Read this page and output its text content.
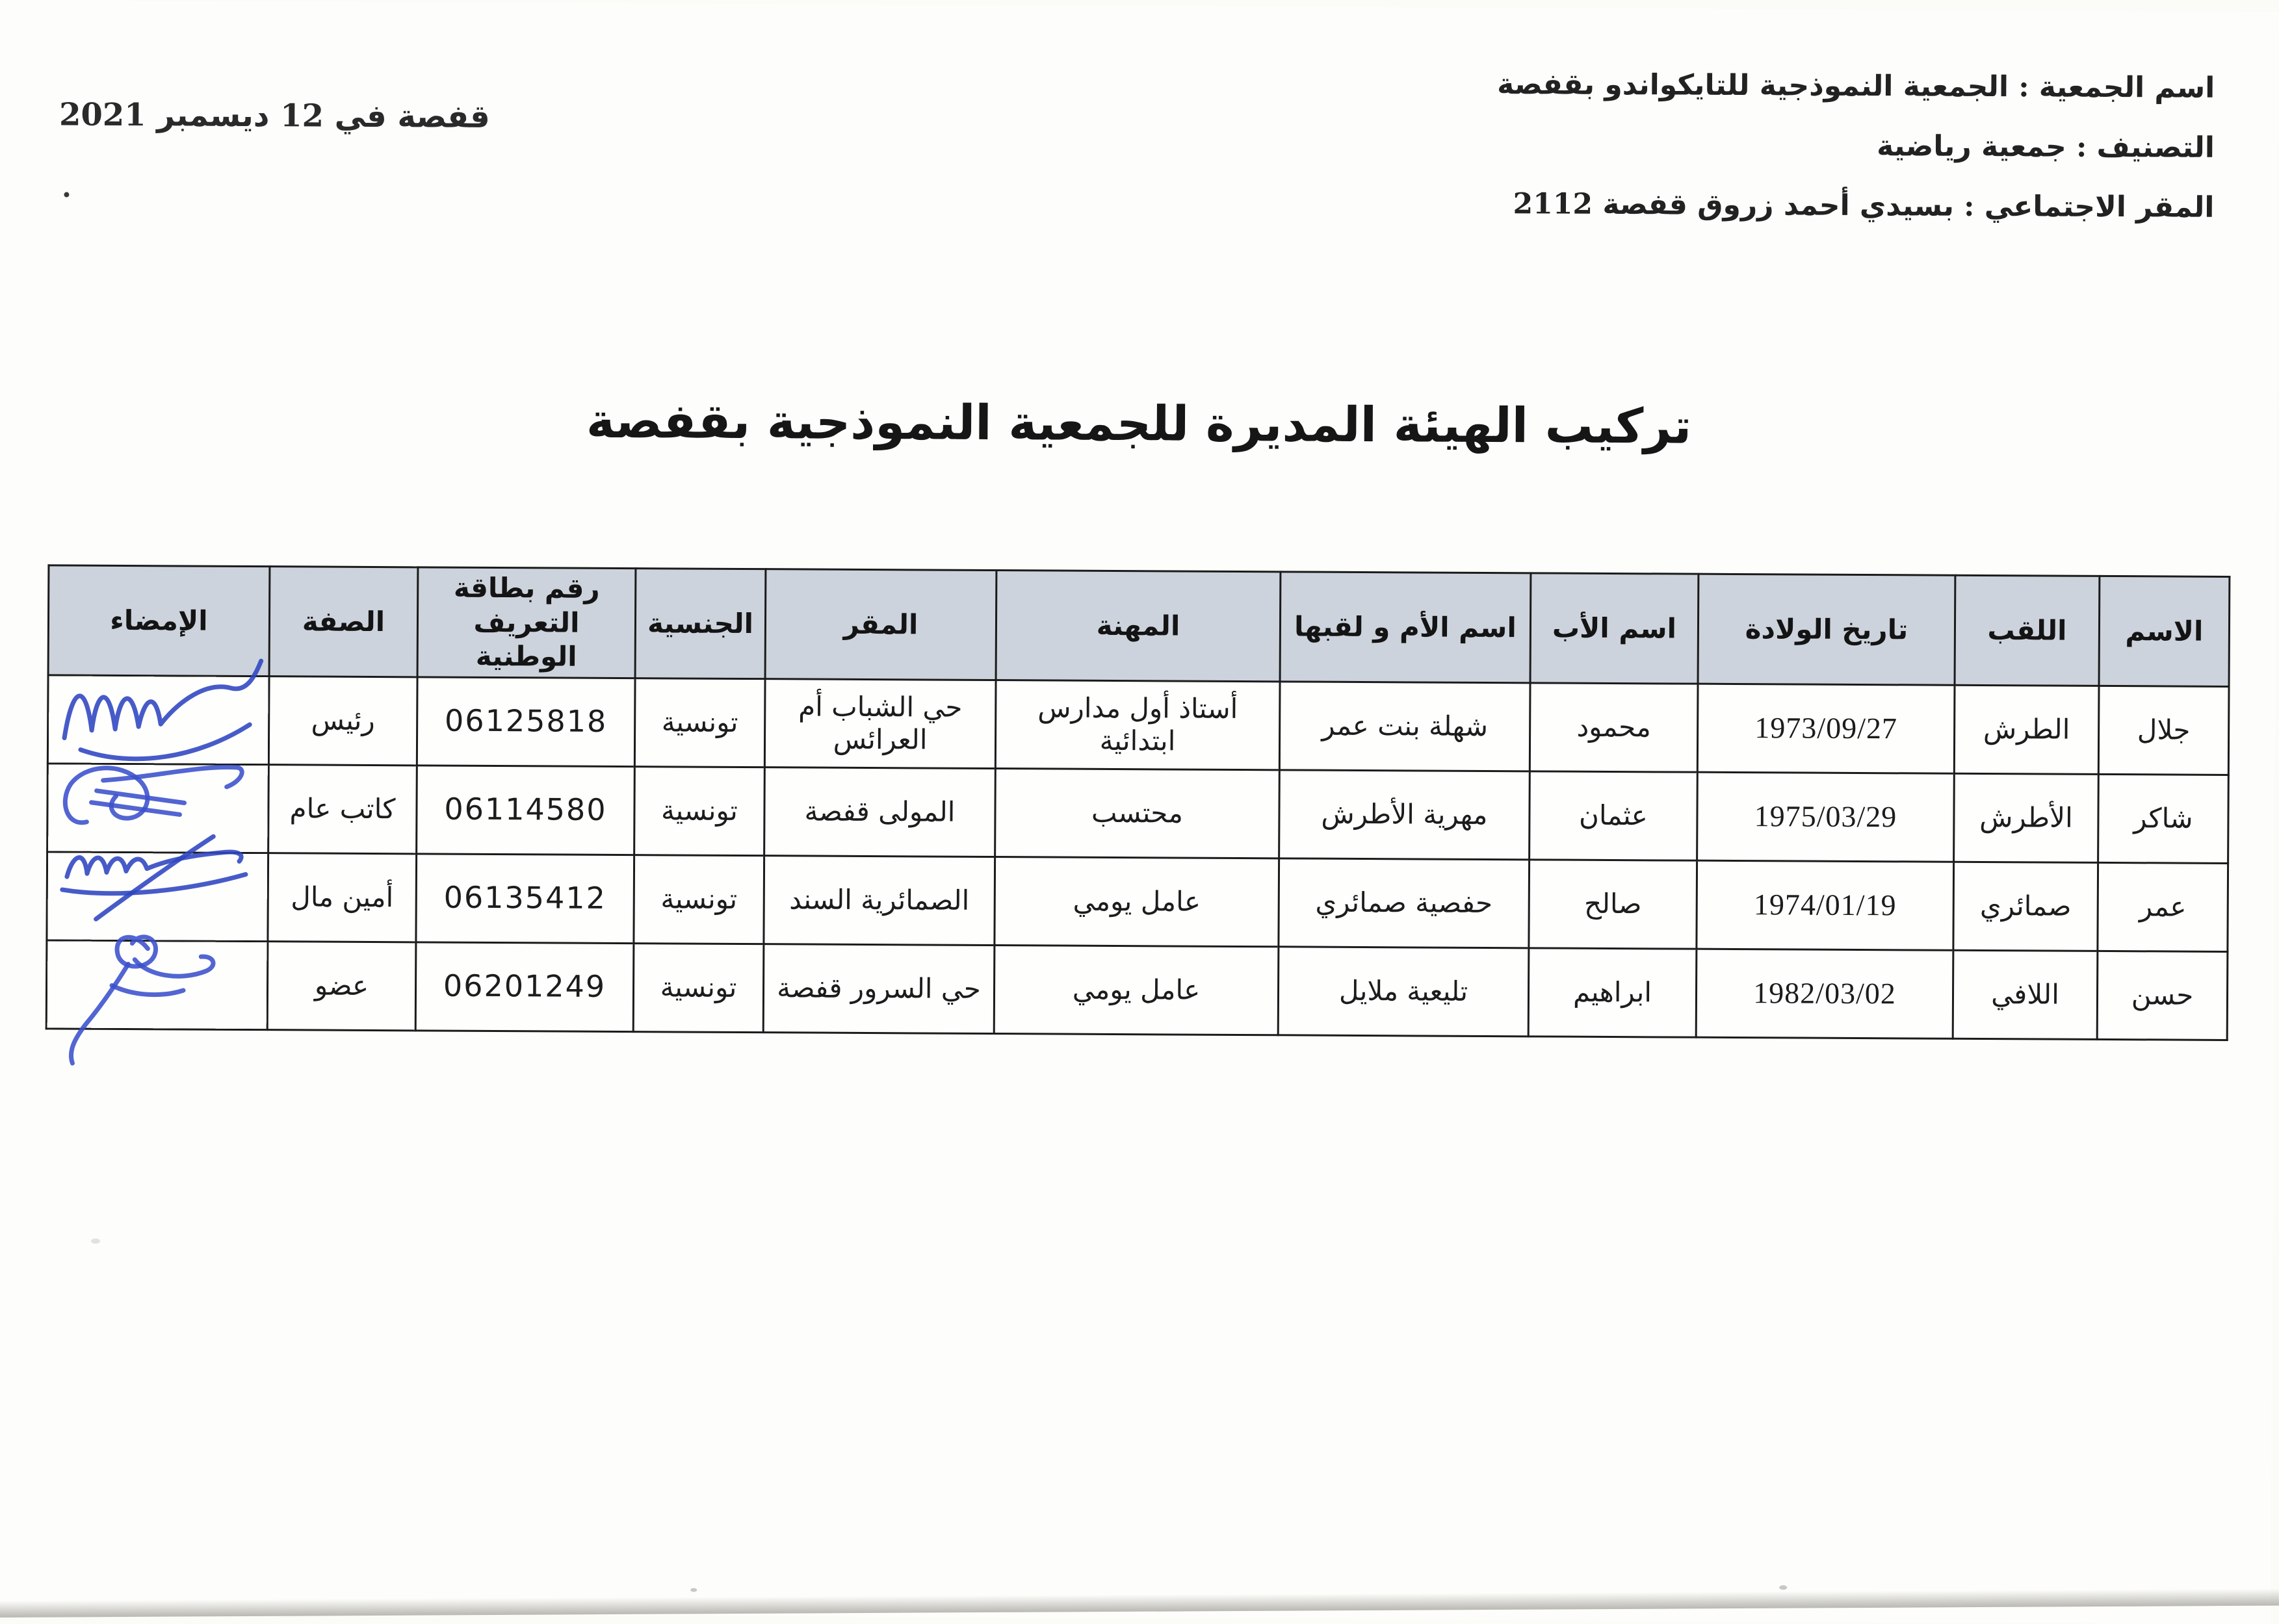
قفصة في 12 ديسمبر 2021
اسم الجمعية : الجمعية النموذجية للتايكواندو بقفصة
التصنيف : جمعية رياضية
المقر الاجتماعي : بسيدي أحمد زروق قفصة 2112
تركيب الهيئة المديرة للجمعية النموذجية بقفصة
الاسم	اللقب	تاريخ الولادة	اسم الأب	اسم الأم و لقبها	المهنة	المقر	الجنسية	رقم بطاقة التعريف الوطنية	الصفة	الإمضاء
جلال	الطرش	1973/09/27	محمود	شهلة بنت عمر	أستاذ أول مدارس ابتدائية	حي الشباب أم العرائس	تونسية	06125818	رئيس	

شاكر	الأطرش	1975/03/29	عثمان	مهرية الأطرش	محتسب	المولى قفصة	تونسية	06114580	كاتب عام	

عمر	صمائري	1974/01/19	صالح	حفصية صمائري	عامل يومي	الصمائرية السند	تونسية	06135412	أمين مال	

حسن	اللافي	1982/03/02	ابراهيم	تليعية ملايل	عامل يومي	حي السرور قفصة	تونسية	06201249	عضو	
